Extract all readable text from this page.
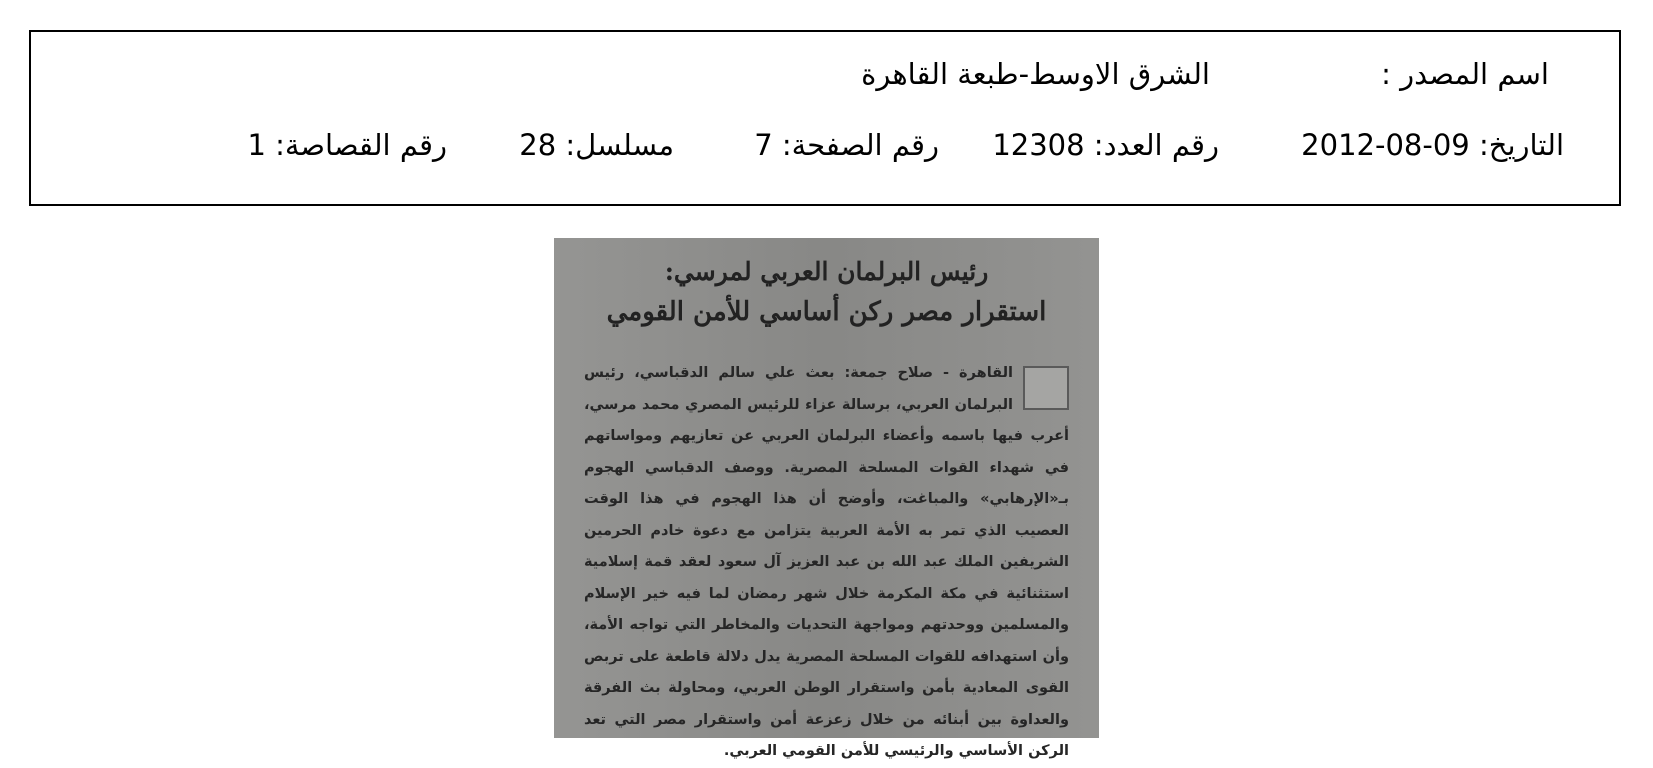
اسم المصدر :
الشرق الاوسط-طبعة القاهرة
التاريخ: 09-08-2012
رقم العدد: 12308
رقم الصفحة: 7
مسلسل: 28
رقم القصاصة: 1
رئيس البرلمان العربي لمرسي:
استقرار مصر ركن أساسي للأمن القومي
القاهرة - صلاح جمعة: بعث علي سالم الدقباسي، رئيس البرلمان العربي، برسالة عزاء للرئيس المصري محمد مرسي، أعرب فيها باسمه وأعضاء البرلمان العربي عن تعازيهم ومواساتهم في شهداء القوات المسلحة المصرية. ووصف الدقباسي الهجوم بـ«الإرهابي» والمباغت، وأوضح أن هذا الهجوم في هذا الوقت العصيب الذي تمر به الأمة العربية يتزامن مع دعوة خادم الحرمين الشريفين الملك عبد الله بن عبد العزيز آل سعود لعقد قمة إسلامية استثنائية في مكة المكرمة خلال شهر رمضان لما فيه خير الإسلام والمسلمين ووحدتهم ومواجهة التحديات والمخاطر التي تواجه الأمة، وأن استهدافه للقوات المسلحة المصرية يدل دلالة قاطعة على تربص القوى المعادية بأمن واستقرار الوطن العربي، ومحاولة بث الفرقة والعداوة بين أبنائه من خلال زعزعة أمن واستقرار مصر التي تعد الركن الأساسي والرئيسي للأمن القومي العربي.
